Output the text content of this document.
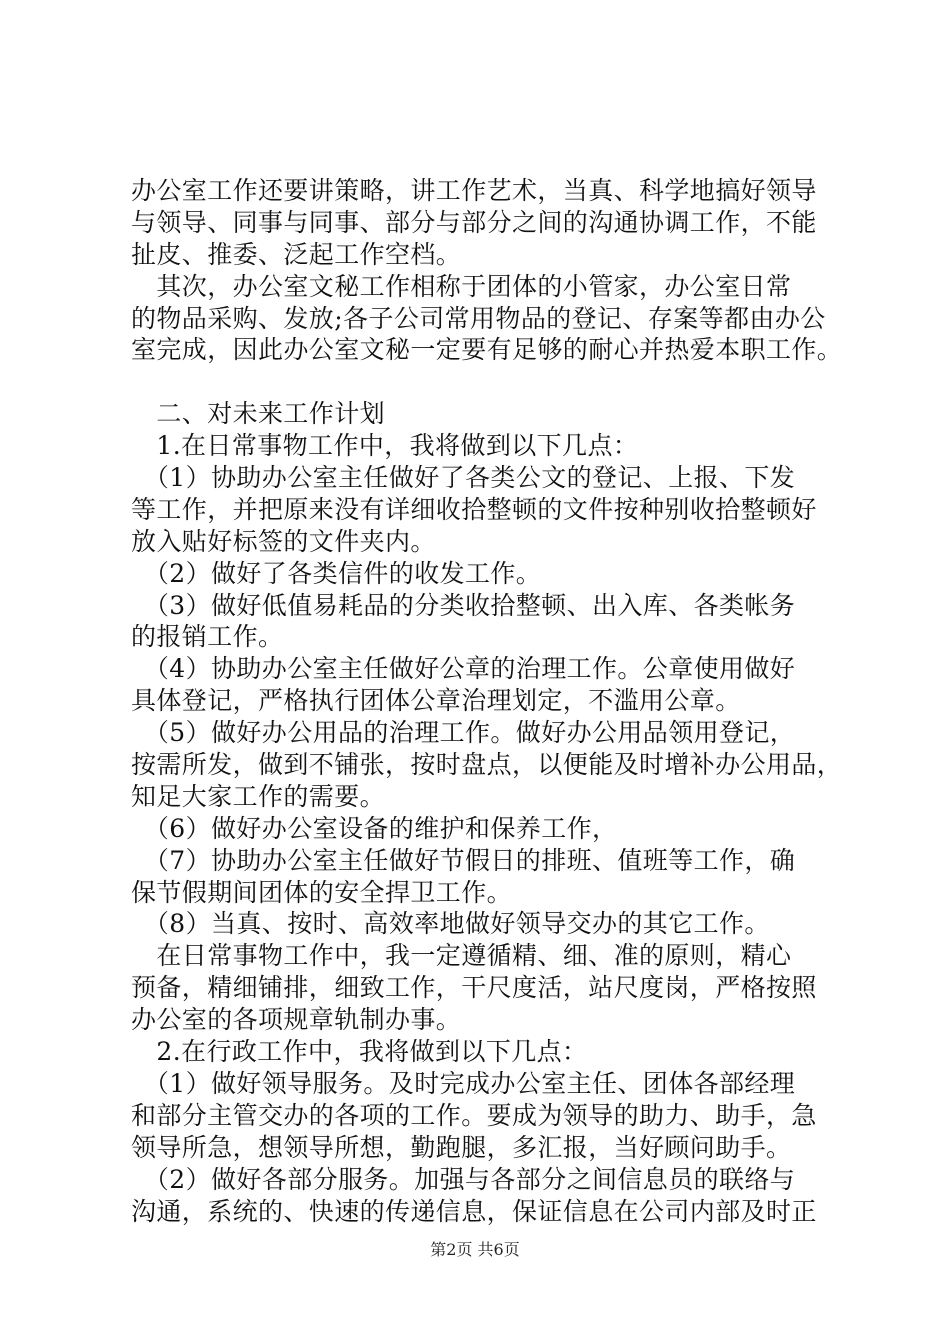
办公室工作还要讲策略，讲工作艺术，当真、科学地搞好领导
与领导、同事与同事、部分与部分之间的沟通协调工作，不能
扯皮、推委、泛起工作空档。
　其次，办公室文秘工作相称于团体的小管家，办公室日常
的物品采购、发放;各子公司常用物品的登记、存案等都由办公
室完成，因此办公室文秘一定要有足够的耐心并热爱本职工作。
　二、对未来工作计划
　1.在日常事物工作中，我将做到以下几点：
　（1）协助办公室主任做好了各类公文的登记、上报、下发
等工作，并把原来没有详细收拾整顿的文件按种别收拾整顿好
放入贴好标签的文件夹内。
　（2）做好了各类信件的收发工作。
　（3）做好低值易耗品的分类收拾整顿、出入库、各类帐务
的报销工作。
　（4）协助办公室主任做好公章的治理工作。公章使用做好
具体登记，严格执行团体公章治理划定，不滥用公章。
　（5）做好办公用品的治理工作。做好办公用品领用登记，
按需所发，做到不铺张，按时盘点，以便能及时增补办公用品，
知足大家工作的需要。
　（6）做好办公室设备的维护和保养工作，
　（7）协助办公室主任做好节假日的排班、值班等工作，确
保节假期间团体的安全捍卫工作。
　（8）当真、按时、高效率地做好领导交办的其它工作。
　在日常事物工作中，我一定遵循精、细、准的原则，精心
预备，精细铺排，细致工作，干尺度活，站尺度岗，严格按照
办公室的各项规章轨制办事。
　2.在行政工作中，我将做到以下几点：
　（1）做好领导服务。及时完成办公室主任、团体各部经理
和部分主管交办的各项的工作。要成为领导的助力、助手，急
领导所急，想领导所想，勤跑腿，多汇报，当好顾问助手。
　（2）做好各部分服务。加强与各部分之间信息员的联络与
沟通，系统的、快速的传递信息，保证信息在公司内部及时正
第2页 共6页
